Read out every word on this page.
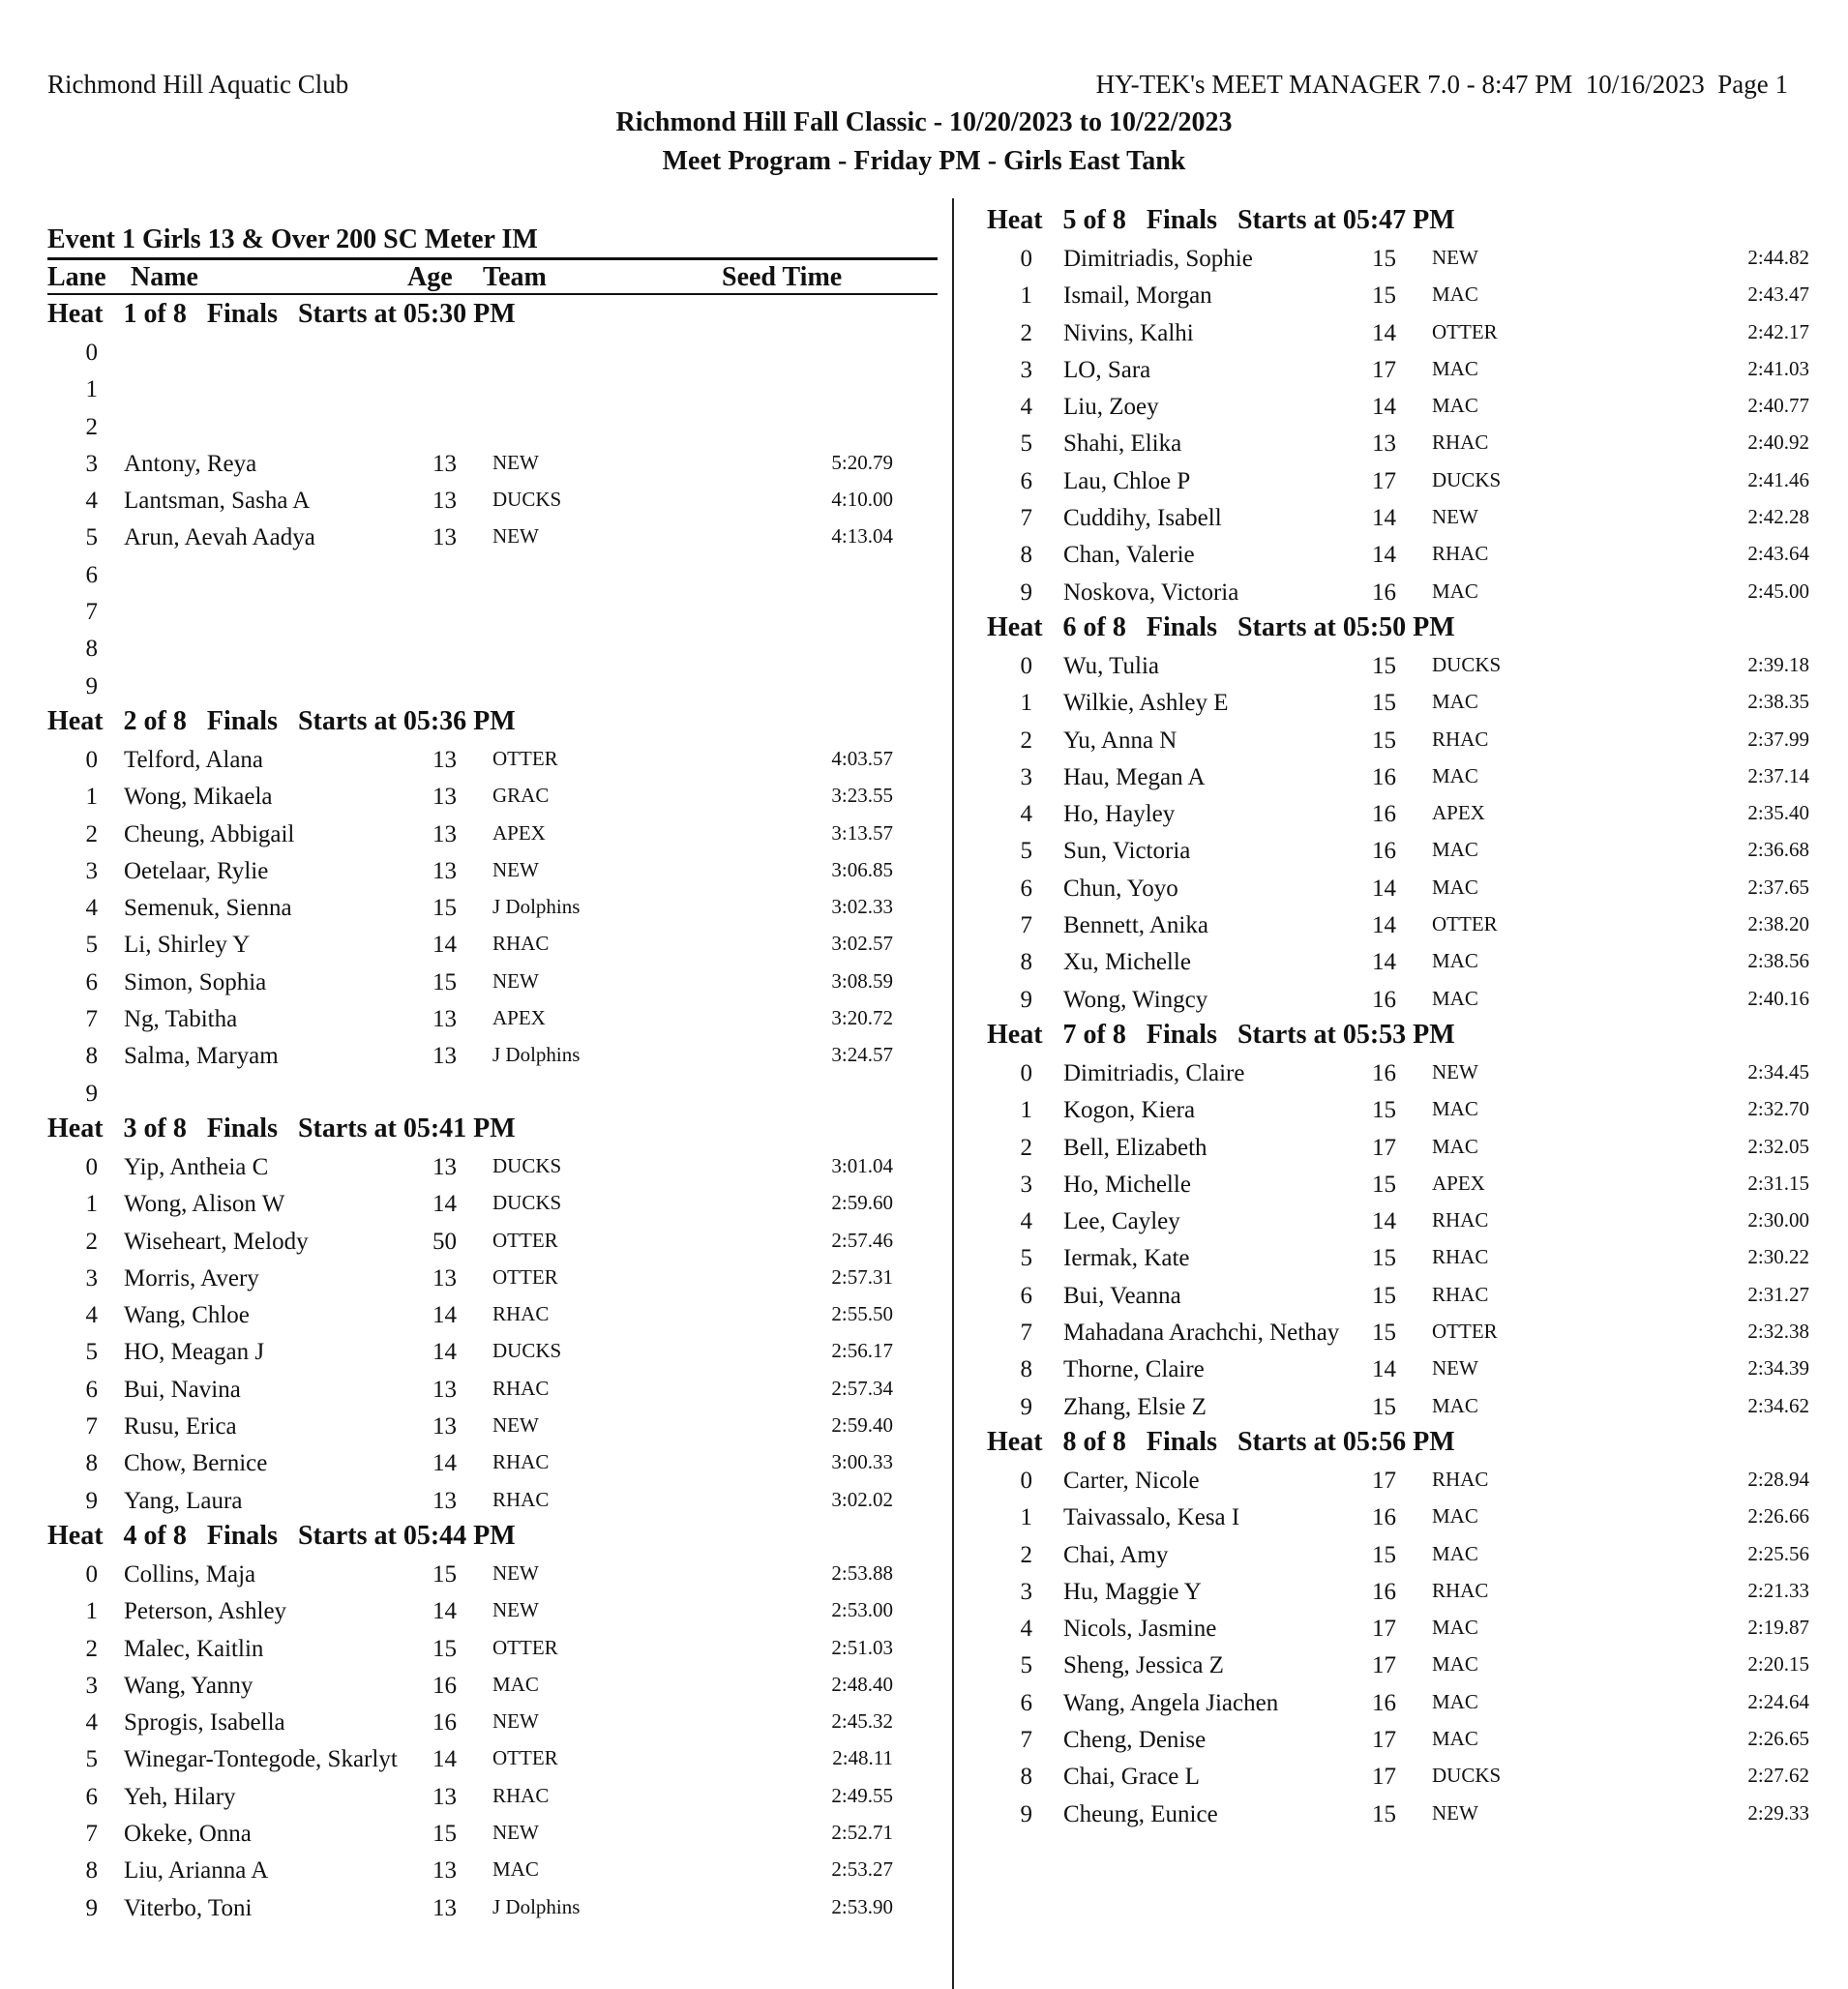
Richmond Hill Aquatic Club	HY-TEK's MEET MANAGER 7.0 - 8:47 PM  10/16/2023  Page 1
Richmond Hill Fall Classic - 10/20/2023 to 10/22/2023
Meet Program - Friday PM - Girls East Tank
Event 1 Girls 13 & Over 200 SC Meter IM
Lane Name	Age Team	Seed Time
Heat   1 of 8   Finals   Starts at 05:30 PM
0
1
2
3 Antony, Reya	13 NEW	5:20.79
4 Lantsman, Sasha A	13 DUCKS	4:10.00
5 Arun, Aevah Aadya	13 NEW	4:13.04
6
7
8
9
Heat   2 of 8   Finals   Starts at 05:36 PM
0 Telford, Alana	13 OTTER	4:03.57
1 Wong, Mikaela	13 GRAC	3:23.55
2 Cheung, Abbigail	13 APEX	3:13.57
3 Oetelaar, Rylie	13 NEW	3:06.85
4 Semenuk, Sienna	15 J Dolphins	3:02.33
5 Li, Shirley Y	14 RHAC	3:02.57
6 Simon, Sophia	15 NEW	3:08.59
7 Ng, Tabitha	13 APEX	3:20.72
8 Salma, Maryam	13 J Dolphins	3:24.57
9
Heat   3 of 8   Finals   Starts at 05:41 PM
0 Yip, Antheia C	13 DUCKS	3:01.04
1 Wong, Alison W	14 DUCKS	2:59.60
2 Wiseheart, Melody	50 OTTER	2:57.46
3 Morris, Avery	13 OTTER	2:57.31
4 Wang, Chloe	14 RHAC	2:55.50
5 HO, Meagan J	14 DUCKS	2:56.17
6 Bui, Navina	13 RHAC	2:57.34
7 Rusu, Erica	13 NEW	2:59.40
8 Chow, Bernice	14 RHAC	3:00.33
9 Yang, Laura	13 RHAC	3:02.02
Heat   4 of 8   Finals   Starts at 05:44 PM
0 Collins, Maja	15 NEW	2:53.88
1 Peterson, Ashley	14 NEW	2:53.00
2 Malec, Kaitlin	15 OTTER	2:51.03
3 Wang, Yanny	16 MAC	2:48.40
4 Sprogis, Isabella	16 NEW	2:45.32
5 Winegar-Tontegode, Skarlyt 14 OTTER	2:48.11
6 Yeh, Hilary	13 RHAC	2:49.55
7 Okeke, Onna	15 NEW	2:52.71
8 Liu, Arianna A	13 MAC	2:53.27
9 Viterbo, Toni	13 J Dolphins	2:53.90
Heat   5 of 8   Finals   Starts at 05:47 PM
0 Dimitriadis, Sophie	15 NEW	2:44.82
1 Ismail, Morgan	15 MAC	2:43.47
2 Nivins, Kalhi	14 OTTER	2:42.17
3 LO, Sara	17 MAC	2:41.03
4 Liu, Zoey	14 MAC	2:40.77
5 Shahi, Elika	13 RHAC	2:40.92
6 Lau, Chloe P	17 DUCKS	2:41.46
7 Cuddihy, Isabell	14 NEW	2:42.28
8 Chan, Valerie	14 RHAC	2:43.64
9 Noskova, Victoria	16 MAC	2:45.00
Heat   6 of 8   Finals   Starts at 05:50 PM
0 Wu, Tulia	15 DUCKS	2:39.18
1 Wilkie, Ashley E	15 MAC	2:38.35
2 Yu, Anna N	15 RHAC	2:37.99
3 Hau, Megan A	16 MAC	2:37.14
4 Ho, Hayley	16 APEX	2:35.40
5 Sun, Victoria	16 MAC	2:36.68
6 Chun, Yoyo	14 MAC	2:37.65
7 Bennett, Anika	14 OTTER	2:38.20
8 Xu, Michelle	14 MAC	2:38.56
9 Wong, Wingcy	16 MAC	2:40.16
Heat   7 of 8   Finals   Starts at 05:53 PM
0 Dimitriadis, Claire	16 NEW	2:34.45
1 Kogon, Kiera	15 MAC	2:32.70
2 Bell, Elizabeth	17 MAC	2:32.05
3 Ho, Michelle	15 APEX	2:31.15
4 Lee, Cayley	14 RHAC	2:30.00
5 Iermak, Kate	15 RHAC	2:30.22
6 Bui, Veanna	15 RHAC	2:31.27
7 Mahadana Arachchi, Nethay 15 OTTER	2:32.38
8 Thorne, Claire	14 NEW	2:34.39
9 Zhang, Elsie Z	15 MAC	2:34.62
Heat   8 of 8   Finals   Starts at 05:56 PM
0 Carter, Nicole	17 RHAC	2:28.94
1 Taivassalo, Kesa I	16 MAC	2:26.66
2 Chai, Amy	15 MAC	2:25.56
3 Hu, Maggie Y	16 RHAC	2:21.33
4 Nicols, Jasmine	17 MAC	2:19.87
5 Sheng, Jessica Z	17 MAC	2:20.15
6 Wang, Angela Jiachen	16 MAC	2:24.64
7 Cheng, Denise	17 MAC	2:26.65
8 Chai, Grace L	17 DUCKS	2:27.62
9 Cheung, Eunice	15 NEW	2:29.33
